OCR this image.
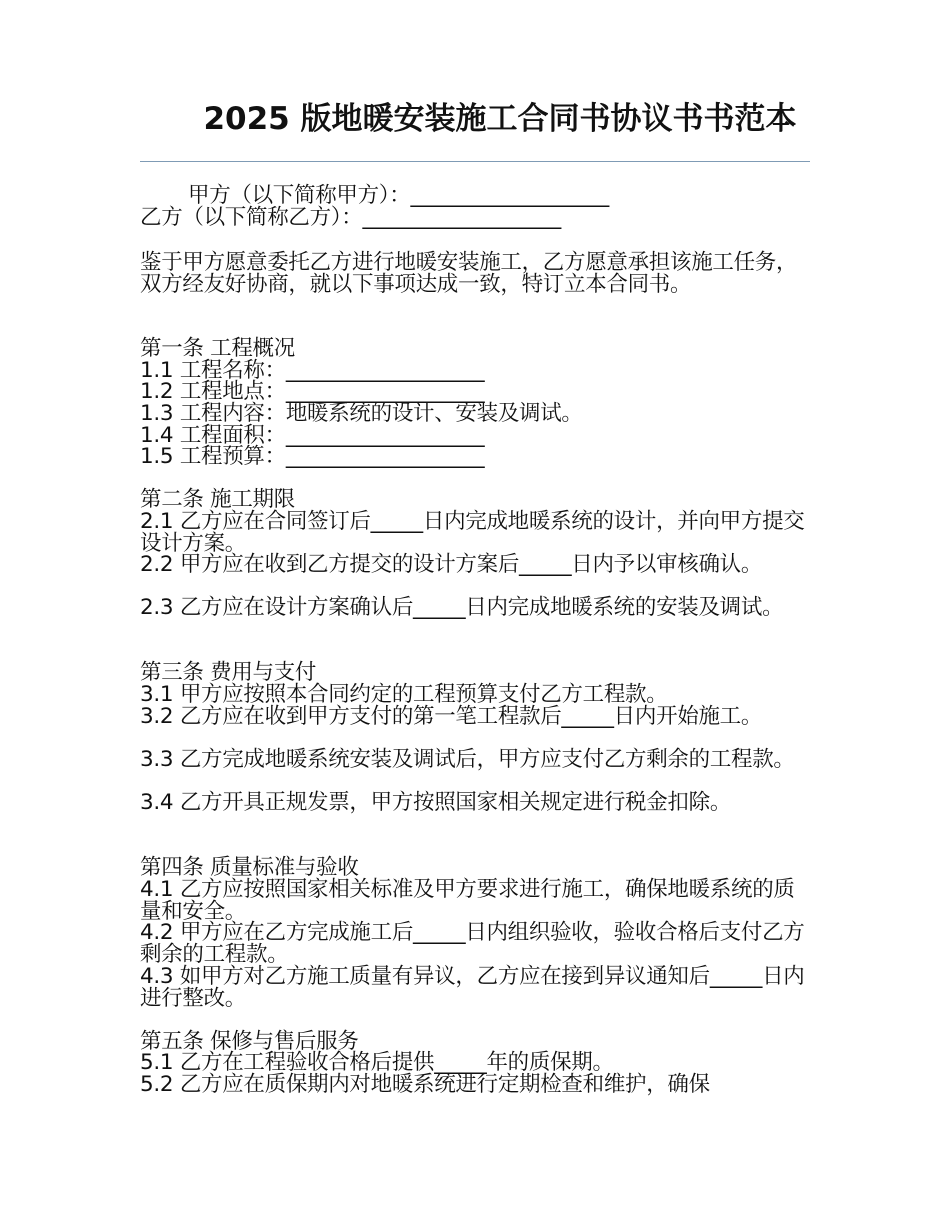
2025 版地暖安装施工合同书协议书书范本
甲方（以下简称甲方）：___________________
乙方（以下简称乙方）：___________________
鉴于甲方愿意委托乙方进行地暖安装施工，乙方愿意承担该施工任务，双方经友好协商，就以下事项达成一致，特订立本合同书。
第一条 工程概况
1.1 工程名称：___________________
1.2 工程地点：___________________
1.3 工程内容：地暖系统的设计、安装及调试。
1.4 工程面积：___________________
1.5 工程预算：___________________
第二条 施工期限
2.1 乙方应在合同签订后_____日内完成地暖系统的设计，并向甲方提交设计方案。
2.2 甲方应在收到乙方提交的设计方案后_____日内予以审核确认。
2.3 乙方应在设计方案确认后_____日内完成地暖系统的安装及调试。
第三条 费用与支付
3.1 甲方应按照本合同约定的工程预算支付乙方工程款。
3.2 乙方应在收到甲方支付的第一笔工程款后_____日内开始施工。
3.3 乙方完成地暖系统安装及调试后，甲方应支付乙方剩余的工程款。
3.4 乙方开具正规发票，甲方按照国家相关规定进行税金扣除。
第四条 质量标准与验收
4.1 乙方应按照国家相关标准及甲方要求进行施工，确保地暖系统的质量和安全。
4.2 甲方应在乙方完成施工后_____日内组织验收，验收合格后支付乙方剩余的工程款。
4.3 如甲方对乙方施工质量有异议，乙方应在接到异议通知后_____日内进行整改。
第五条 保修与售后服务
5.1 乙方在工程验收合格后提供_____年的质保期。
5.2 乙方应在质保期内对地暖系统进行定期检查和维护，确保
